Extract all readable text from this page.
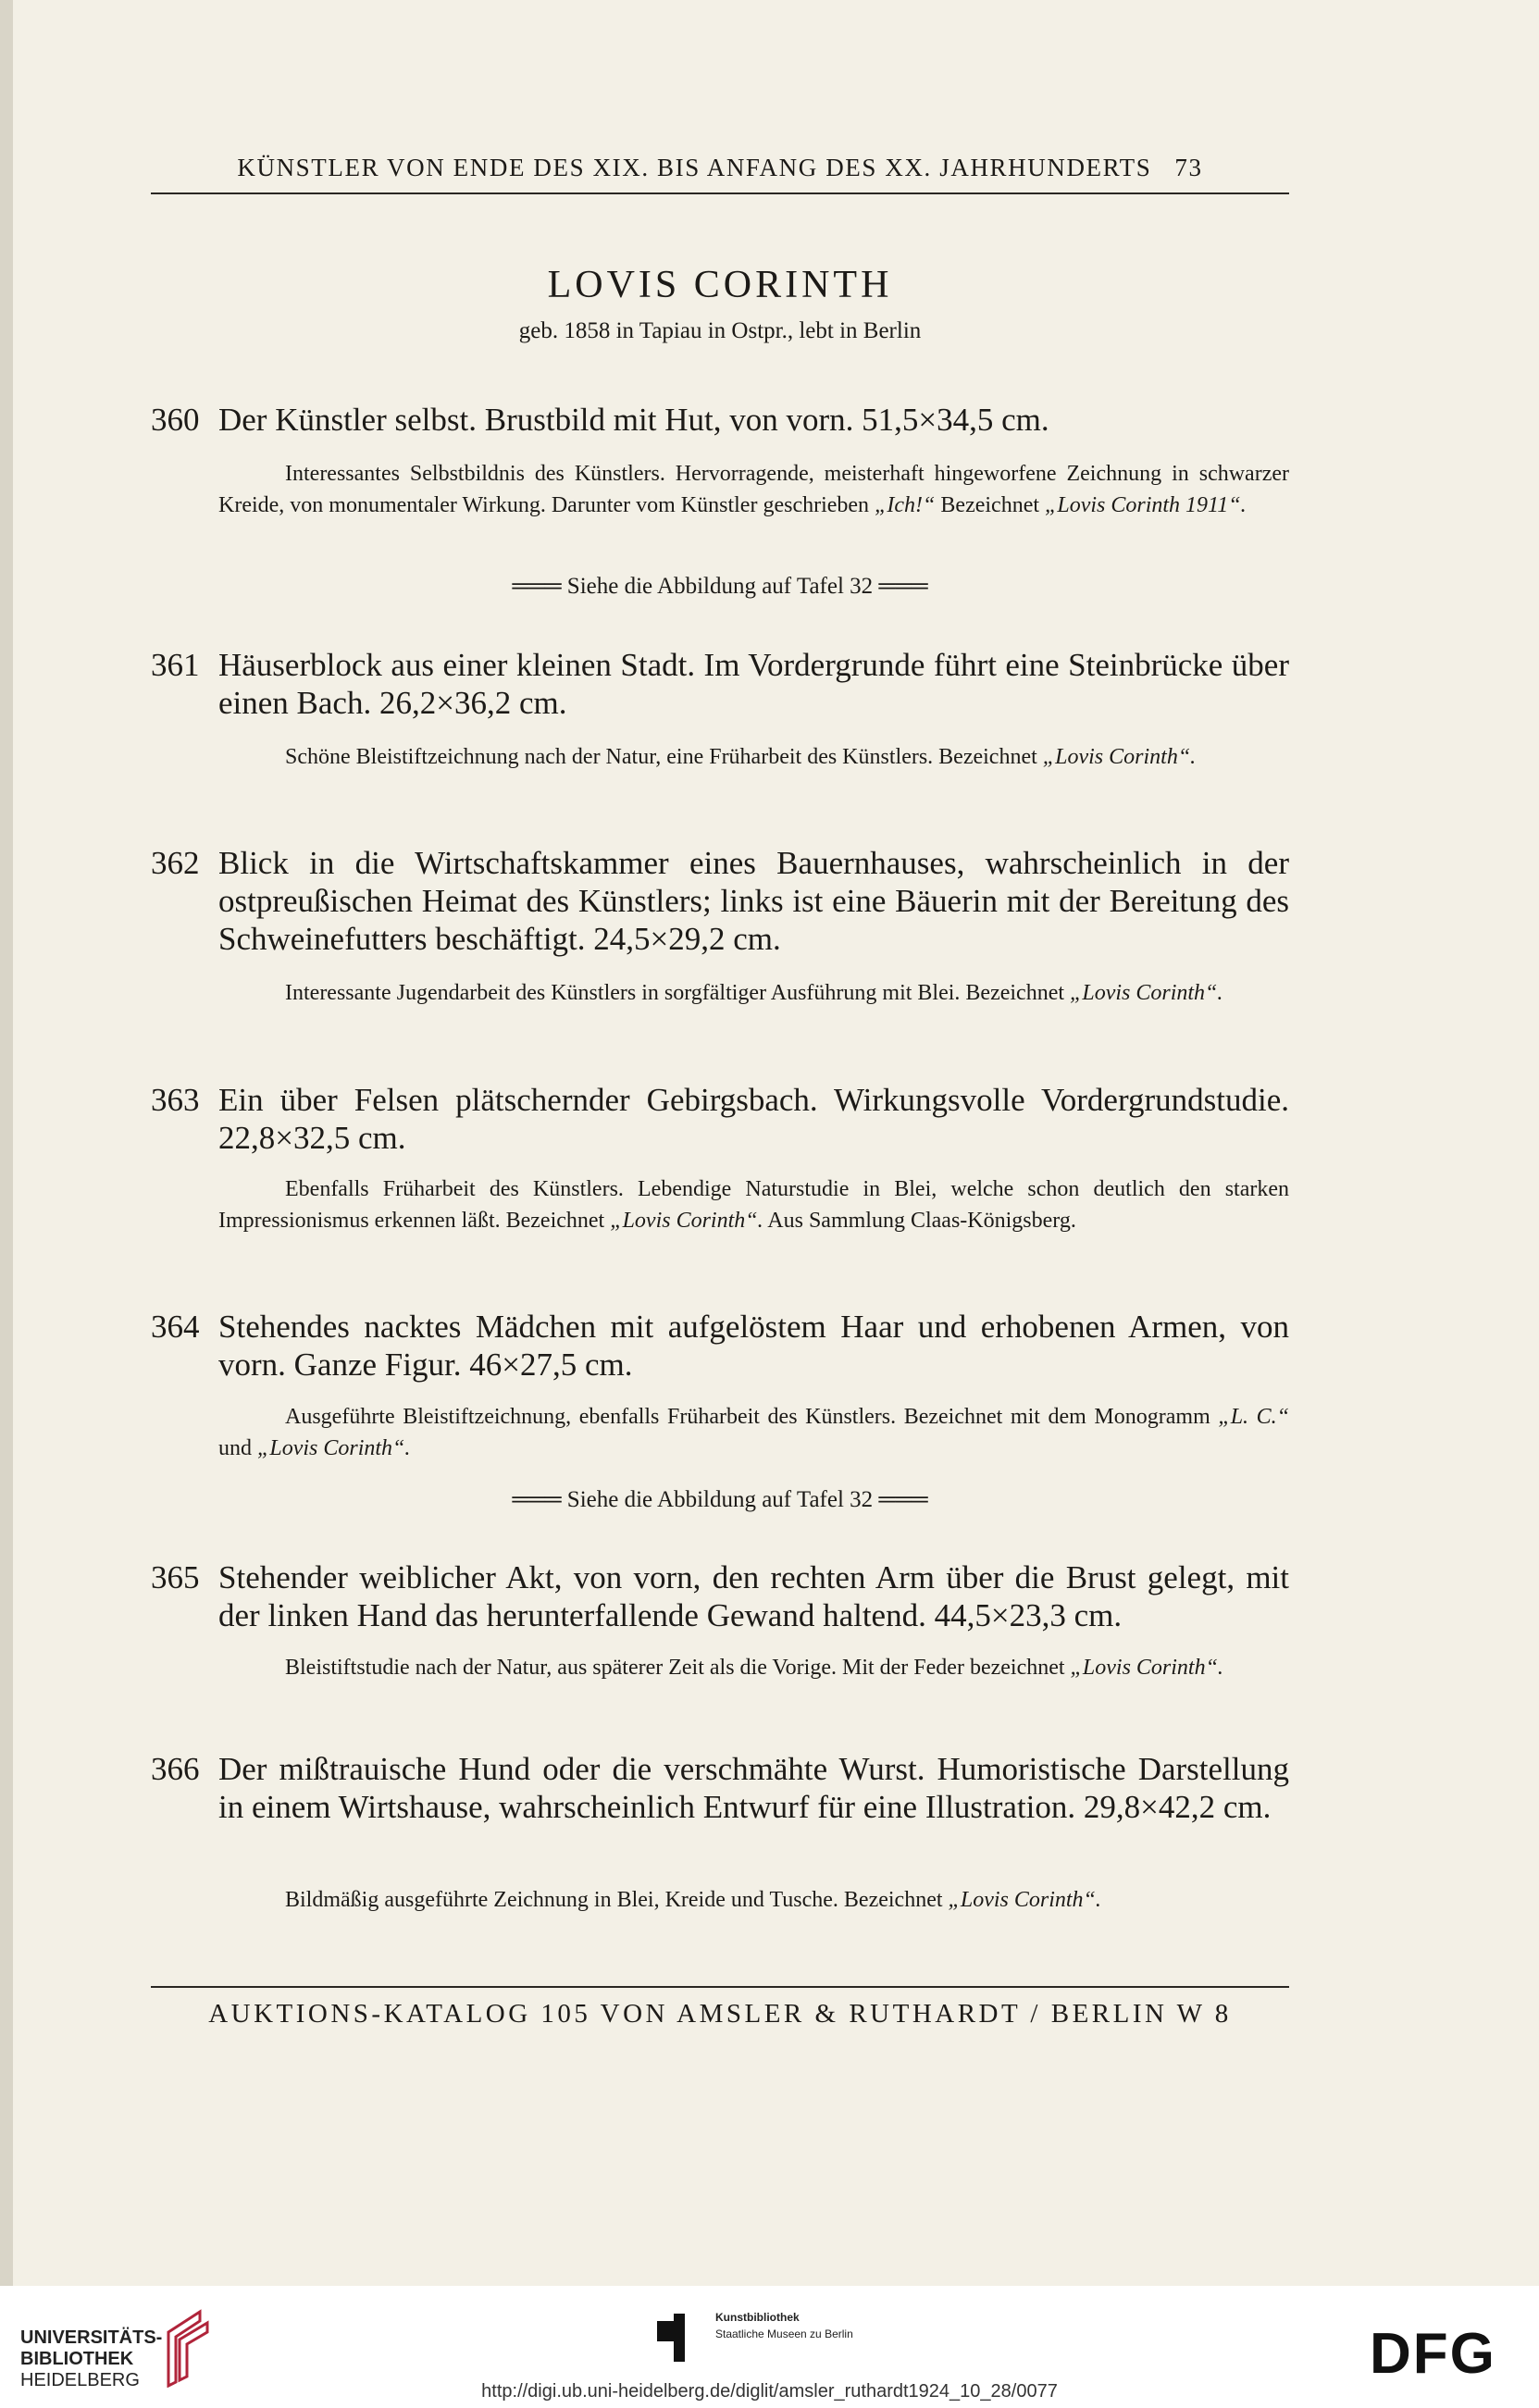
KÜNSTLER VON ENDE DES XIX. BIS ANFANG DES XX. JAHRHUNDERTS 73
LOVIS CORINTH
geb. 1858 in Tapiau in Ostpr., lebt in Berlin
360 Der Künstler selbst. Brustbild mit Hut, von vorn. 51,5×34,5 cm.
Interessantes Selbstbildnis des Künstlers. Hervorragende, meisterhaft hingeworfene Zeichnung in schwarzer Kreide, von monumentaler Wirkung. Darunter vom Künstler geschrieben „Ich!“ Bezeichnet „Lovis Corinth 1911“.
═══ Siehe die Abbildung auf Tafel 32 ═══
361 Häuserblock aus einer kleinen Stadt. Im Vordergrunde führt eine Steinbrücke über einen Bach. 26,2×36,2 cm.
Schöne Bleistiftzeichnung nach der Natur, eine Früharbeit des Künstlers. Bezeichnet „Lovis Corinth“.
362 Blick in die Wirtschaftskammer eines Bauernhauses, wahrscheinlich in der ostpreußischen Heimat des Künstlers; links ist eine Bäuerin mit der Bereitung des Schweinefutters beschäftigt. 24,5×29,2 cm.
Interessante Jugendarbeit des Künstlers in sorgfältiger Ausführung mit Blei. Bezeichnet „Lovis Corinth“.
363 Ein über Felsen plätschernder Gebirgsbach. Wirkungsvolle Vordergrundstudie. 22,8×32,5 cm.
Ebenfalls Früharbeit des Künstlers. Lebendige Naturstudie in Blei, welche schon deutlich den starken Impressionismus erkennen läßt. Bezeichnet „Lovis Corinth“. Aus Sammlung Claas-Königsberg.
364 Stehendes nacktes Mädchen mit aufgelöstem Haar und erhobenen Armen, von vorn. Ganze Figur. 46×27,5 cm.
Ausgeführte Bleistiftzeichnung, ebenfalls Früharbeit des Künstlers. Bezeichnet mit dem Monogramm „L. C.“ und „Lovis Corinth“.
═══ Siehe die Abbildung auf Tafel 32 ═══
365 Stehender weiblicher Akt, von vorn, den rechten Arm über die Brust gelegt, mit der linken Hand das herunterfallende Gewand haltend. 44,5×23,3 cm.
Bleistiftstudie nach der Natur, aus späterer Zeit als die Vorige. Mit der Feder bezeichnet „Lovis Corinth“.
366 Der mißtrauische Hund oder die verschmähte Wurst. Humoristische Darstellung in einem Wirtshause, wahrscheinlich Entwurf für eine Illustration. 29,8×42,2 cm.
Bildmäßig ausgeführte Zeichnung in Blei, Kreide und Tusche. Bezeichnet „Lovis Corinth“.
AUKTIONS-KATALOG 105 VON AMSLER & RUTHARDT / BERLIN W 8
UNIVERSITÄTS-
BIBLIOTHEK
HEIDELBERG
Kunstbibliothek
Staatliche Museen zu Berlin	DFG
http://digi.ub.uni-heidelberg.de/diglit/amsler_ruthardt1924_10_28/0077
